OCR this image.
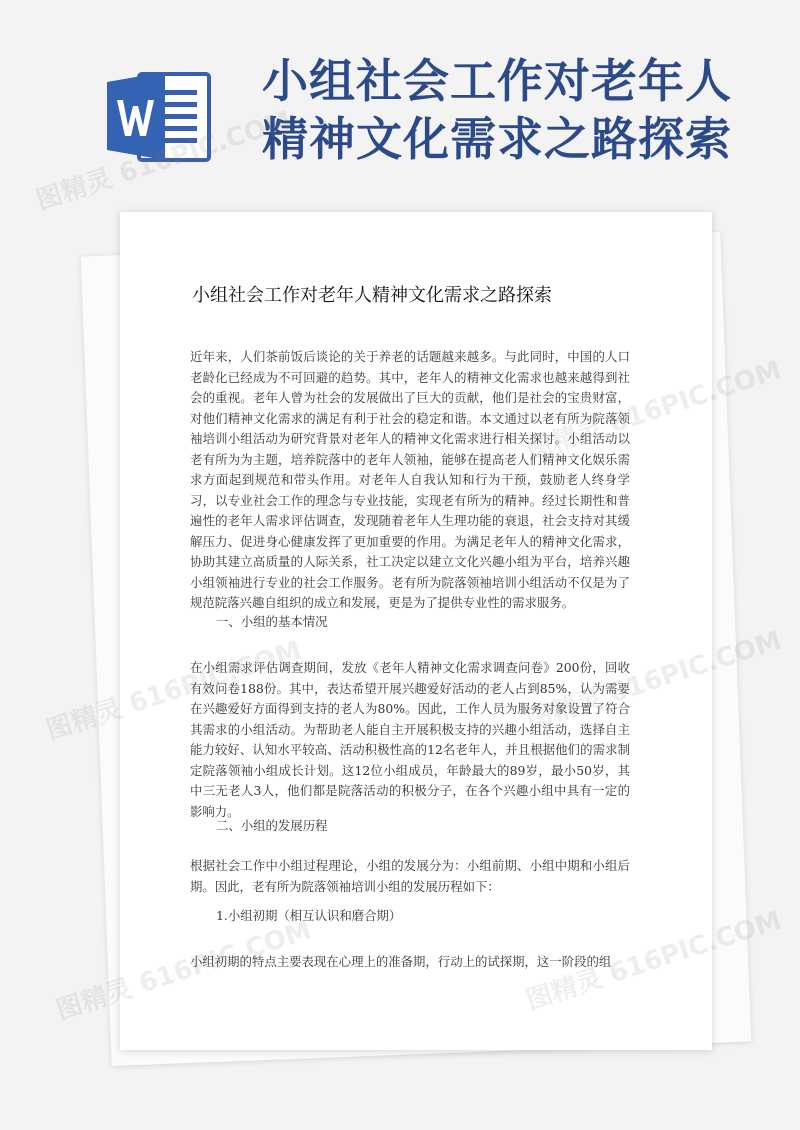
小组社会工作对老年人
精神文化需求之路探索
小组社会工作对老年人精神文化需求之路探索

近年来，人们茶前饭后谈论的关于养老的话题越来越多。与此同时，中国的人口老龄化已经成为不可回避的趋势。其中，老年人的精神文化需求也越来越得到社会的重视。老年人曾为社会的发展做出了巨大的贡献，他们是社会的宝贵财富，对他们精神文化需求的满足有利于社会的稳定和谐。本文通过以老有所为院落领袖培训小组活动为研究背景对老年人的精神文化需求进行相关探讨。小组活动以老有所为为主题，培养院落中的老年人领袖，能够在提高老人们精神文化娱乐需求方面起到规范和带头作用。对老年人自我认知和行为干预，鼓励老人终身学习，以专业社会工作的理念与专业技能，实现老有所为的精神。经过长期性和普遍性的老年人需求评估调查，发现随着老年人生理功能的衰退，社会支持对其缓解压力、促进身心健康发挥了更加重要的作用。为满足老年人的精神文化需求，协助其建立高质量的人际关系，社工决定以建立文化兴趣小组为平台，培养兴趣小组领袖进行专业的社会工作服务。老有所为院落领袖培训小组活动不仅是为了规范院落兴趣自组织的成立和发展，更是为了提供专业性的需求服务。

一、小组的基本情况

在小组需求评估调查期间，发放《老年人精神文化需求调查问卷》200份，回收有效问卷188份。其中，表达希望开展兴趣爱好活动的老人占到85%，认为需要在兴趣爱好方面得到支持的老人为80%。因此，工作人员为服务对象设置了符合其需求的小组活动。为帮助老人能自主开展积极支持的兴趣小组活动，选择自主能力较好、认知水平较高、活动积极性高的12名老年人，并且根据他们的需求制定院落领袖小组成长计划。这12位小组成员，年龄最大的89岁，最小50岁，其中三无老人3人，他们都是院落活动的积极分子，在各个兴趣小组中具有一定的影响力。

二、小组的发展历程

根据社会工作中小组过程理论，小组的发展分为：小组前期、小组中期和小组后期。因此，老有所为院落领袖培训小组的发展历程如下：

1.小组初期（相互认识和磨合期）

小组初期的特点主要表现在心理上的准备期，行动上的试探期，这一阶段的组

图精灵
图精灵
图精灵
